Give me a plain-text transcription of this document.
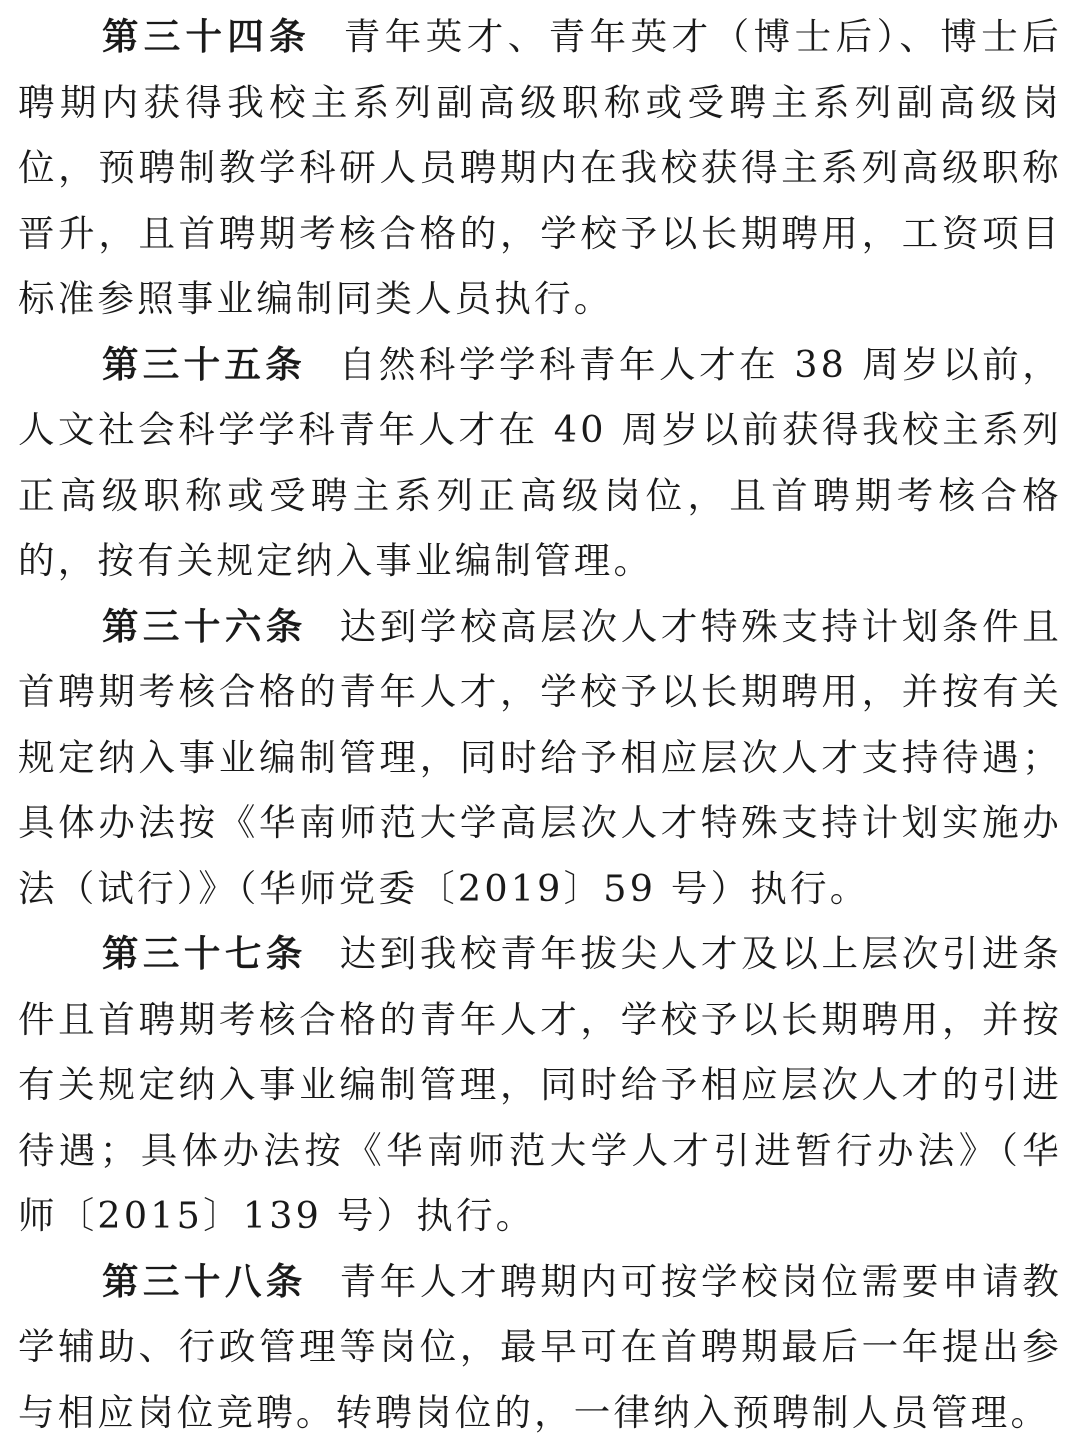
第三十四条 青年英才、青年英才（博士后）、博士后聘期内获得我校主系列副高级职称或受聘主系列副高级岗位，预聘制教学科研人员聘期内在我校获得主系列高级职称晋升，且首聘期考核合格的，学校予以长期聘用，工资项目标准参照事业编制同类人员执行。

第三十五条 自然科学学科青年人才在 38 周岁以前，人文社会科学学科青年人才在 40 周岁以前获得我校主系列正高级职称或受聘主系列正高级岗位，且首聘期考核合格的，按有关规定纳入事业编制管理。

第三十六条 达到学校高层次人才特殊支持计划条件且首聘期考核合格的青年人才，学校予以长期聘用，并按有关规定纳入事业编制管理，同时给予相应层次人才支持待遇；具体办法按《华南师范大学高层次人才特殊支持计划实施办法（试行）》（华师党委〔2019〕59 号）执行。

第三十七条 达到我校青年拔尖人才及以上层次引进条件且首聘期考核合格的青年人才，学校予以长期聘用，并按有关规定纳入事业编制管理，同时给予相应层次人才的引进待遇；具体办法按《华南师范大学人才引进暂行办法》（华师〔2015〕139 号）执行。

第三十八条 青年人才聘期内可按学校岗位需要申请教学辅助、行政管理等岗位，最早可在首聘期最后一年提出参与相应岗位竞聘。转聘岗位的，一律纳入预聘制人员管理。
